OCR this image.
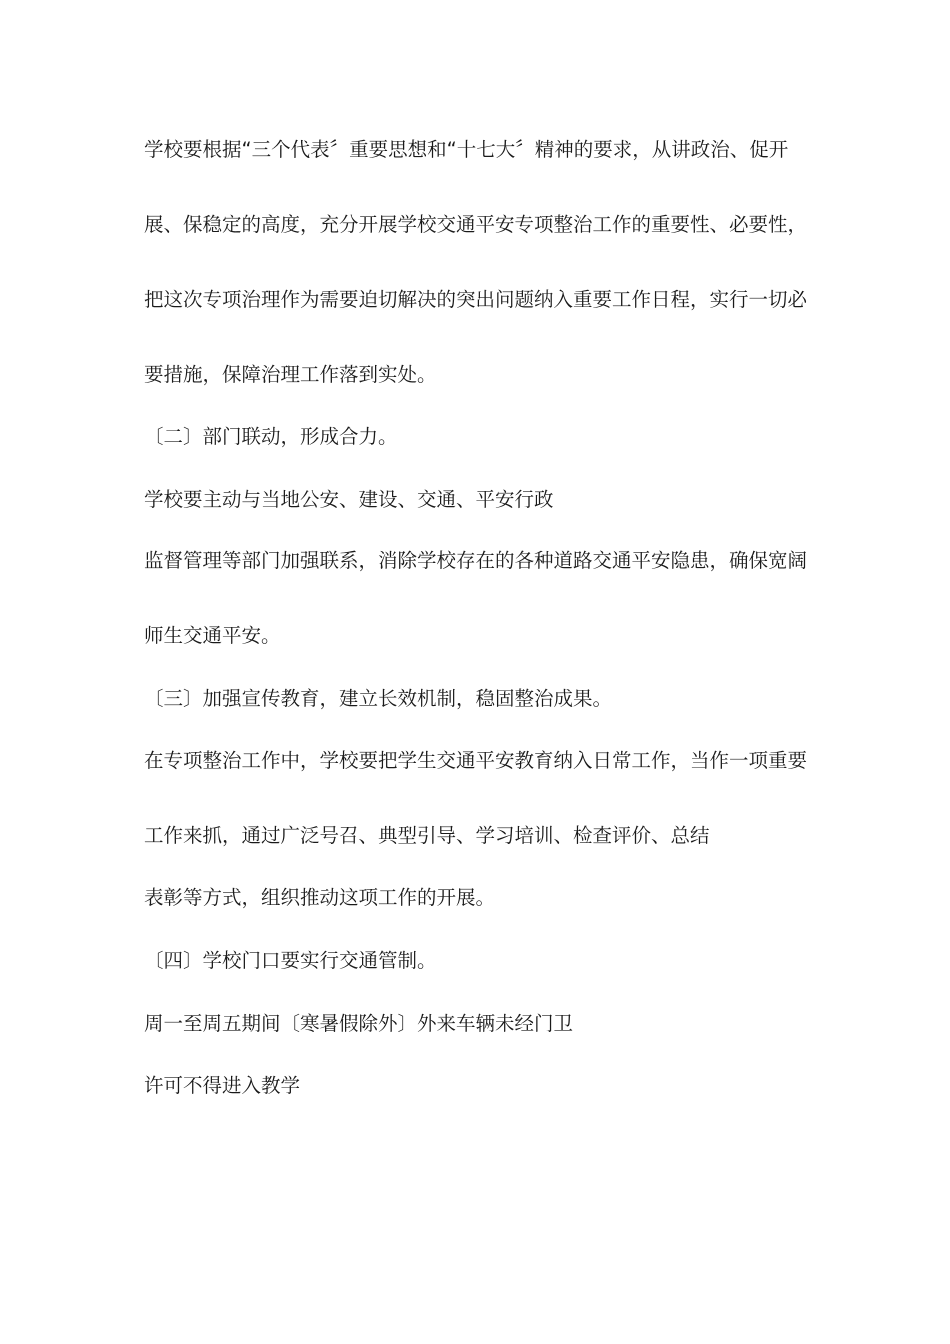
学校要根据“三个代表〞重要思想和“十七大〞精神的要求，从讲政治、促开

展、保稳定的高度，充分开展学校交通平安专项整治工作的重要性、必要性，

把这次专项治理作为需要迫切解决的突出问题纳入重要工作日程，实行一切必

要措施，保障治理工作落到实处。

〔二〕部门联动，形成合力。

学校要主动与当地公安、建设、交通、平安行政

监督管理等部门加强联系，消除学校存在的各种道路交通平安隐患，确保宽阔

师生交通平安。

〔三〕加强宣传教育，建立长效机制，稳固整治成果。

在专项整治工作中，学校要把学生交通平安教育纳入日常工作，当作一项重要

工作来抓，通过广泛号召、典型引导、学习培训、检查评价、总结

表彰等方式，组织推动这项工作的开展。

〔四〕学校门口要实行交通管制。

周一至周五期间〔寒暑假除外〕外来车辆未经门卫

许可不得进入教学
